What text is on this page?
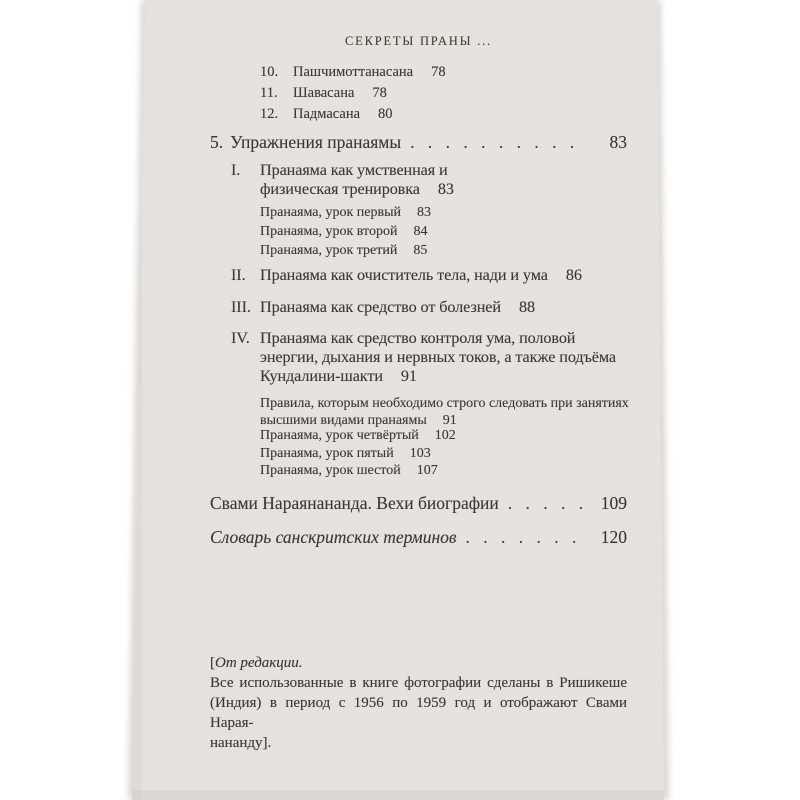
СЕКРЕТЫ ПРАНЫ ...
10. Пашчимоттанасана 78
11. Шавасана 78
12. Падмасана 80
5. Упражнения пранаямы . . .	83
I.	Пранаяма как умственная и
физическая тренировка 83
Пранаяма, урок первый 83
Пранаяма, урок второй 84
Пранаяма, урок третий 85
II. Пранаяма как очиститель тела, нади и ума 86
III. Пранаяма как средство от болезней 88
IV. Пранаяма как средство контроля ума, половой
энергии, дыхания и нервных токов, а также подъёма
Кундалини-шакти 91
Правила, которым необходимо строго следовать при занятиях
высшими видами пранаямы 91
Пранаяма, урок четвёртый 102
Пранаяма, урок пятый 103
Пранаяма, урок шестой 107
Свами Нараянананда. Вехи биографии . . .	109
Словарь санскритских терминов . . .	120
[От редакции.
Все использованные в книге фотографии сделаны в Ришикеше
(Индия) в период с 1956 по 1959 год и отображают Свами Нарая-
нананду].
